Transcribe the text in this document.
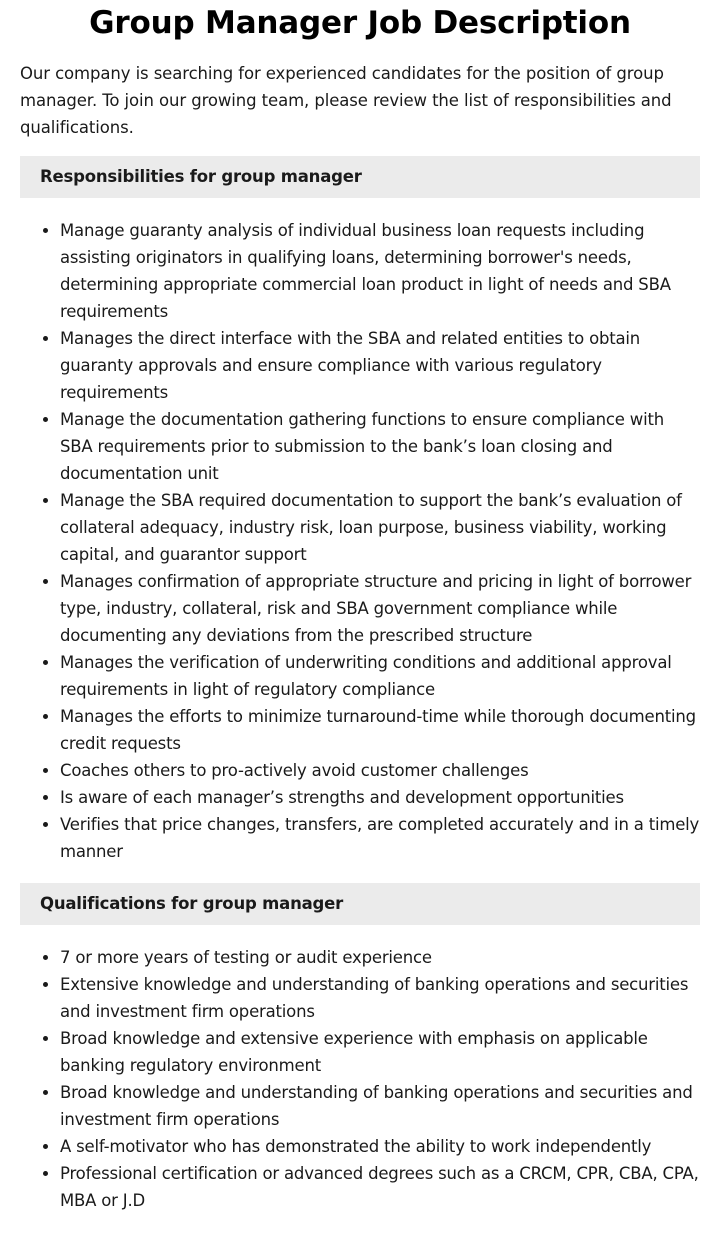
Group Manager Job Description

Our company is searching for experienced candidates for the position of group manager. To join our growing team, please review the list of responsibilities and qualifications.

Responsibilities for group manager
• Manage guaranty analysis of individual business loan requests including assisting originators in qualifying loans, determining borrower's needs, determining appropriate commercial loan product in light of needs and SBA requirements
• Manages the direct interface with the SBA and related entities to obtain guaranty approvals and ensure compliance with various regulatory requirements
• Manage the documentation gathering functions to ensure compliance with SBA requirements prior to submission to the bank’s loan closing and documentation unit
• Manage the SBA required documentation to support the bank’s evaluation of collateral adequacy, industry risk, loan purpose, business viability, working capital, and guarantor support
• Manages confirmation of appropriate structure and pricing in light of borrower type, industry, collateral, risk and SBA government compliance while documenting any deviations from the prescribed structure
• Manages the verification of underwriting conditions and additional approval requirements in light of regulatory compliance
• Manages the efforts to minimize turnaround-time while thorough documenting credit requests
• Coaches others to pro-actively avoid customer challenges
• Is aware of each manager’s strengths and development opportunities
• Verifies that price changes, transfers, are completed accurately and in a timely manner
Qualifications for group manager
• 7 or more years of testing or audit experience
• Extensive knowledge and understanding of banking operations and securities and investment firm operations
• Broad knowledge and extensive experience with emphasis on applicable banking regulatory environment
• Broad knowledge and understanding of banking operations and securities and investment firm operations
• A self-motivator who has demonstrated the ability to work independently
• Professional certification or advanced degrees such as a CRCM, CPR, CBA, CPA, MBA or J.D
